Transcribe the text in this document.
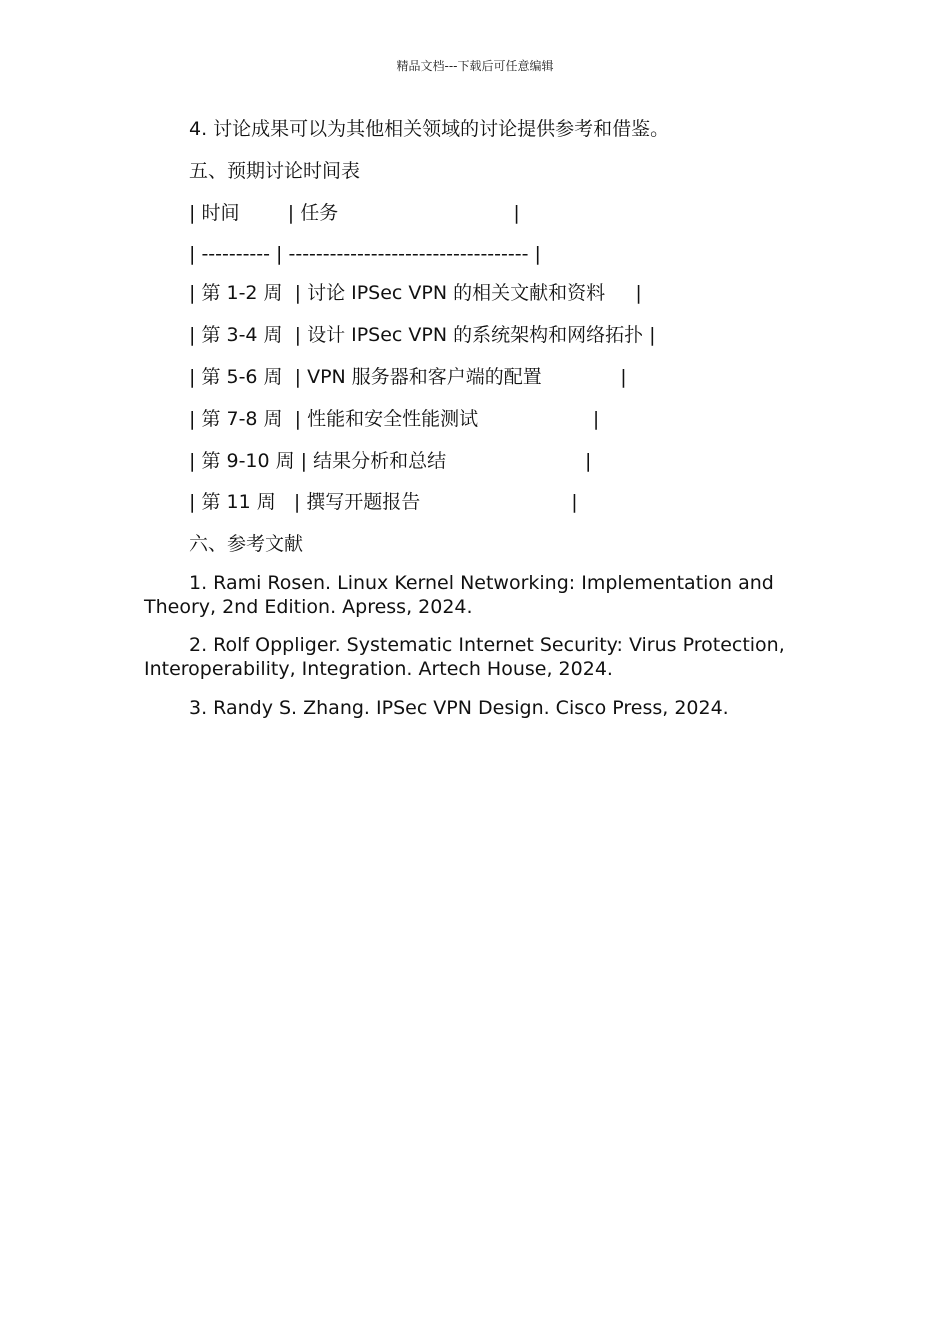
精品文档---下载后可任意编辑
4. 讨论成果可以为其他相关领域的讨论提供参考和借鉴。
五、预期讨论时间表
| 时间        | 任务                             |
| ---------- | ----------------------------------- |
| 第 1-2 周  | 讨论 IPSec VPN 的相关文献和资料     |
| 第 3-4 周  | 设计 IPSec VPN 的系统架构和网络拓扑 |
| 第 5-6 周  | VPN 服务器和客户端的配置             |
| 第 7-8 周  | 性能和安全性能测试                   |
| 第 9-10 周 | 结果分析和总结                       |
| 第 11 周   | 撰写开题报告                         |
六、参考文献
1. Rami Rosen. Linux Kernel Networking: Implementation and Theory, 2nd Edition. Apress, 2024.
2. Rolf Oppliger. Systematic Internet Security: Virus Protection, Interoperability, Integration. Artech House, 2024.
3. Randy S. Zhang. IPSec VPN Design. Cisco Press, 2024.
